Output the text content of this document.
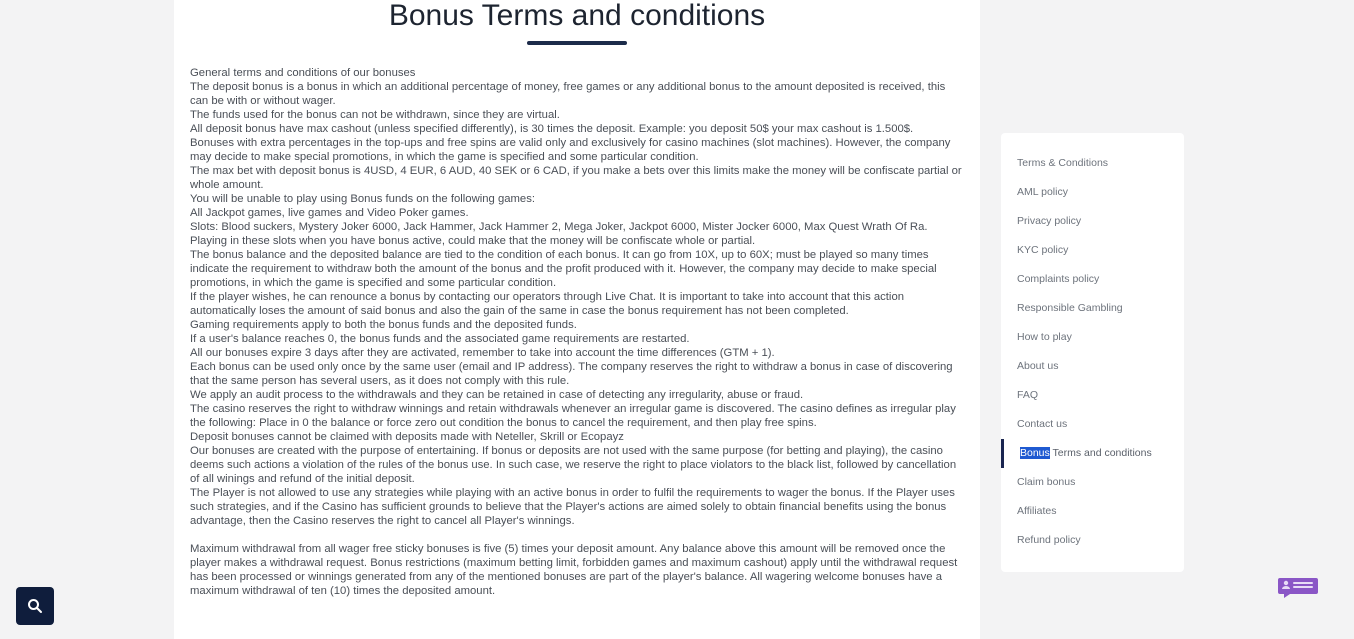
Bonus Terms and conditions

General terms and conditions of our bonuses

The deposit bonus is a bonus in which an additional percentage of money, free games or any additional bonus to the amount deposited is received, this can be with or without wager.

The funds used for the bonus can not be withdrawn, since they are virtual.

All deposit bonus have max cashout (unless specified differently), is 30 times the deposit. Example: you deposit 50$ your max cashout is 1.500$.

Bonuses with extra percentages in the top-ups and free spins are valid only and exclusively for casino machines (slot machines). However, the company may decide to make special promotions, in which the game is specified and some particular condition.

The max bet with deposit bonus is 4USD, 4 EUR, 6 AUD, 40 SEK or 6 CAD, if you make a bets over this limits make the money will be confiscate partial or whole amount.

You will be unable to play using Bonus funds on the following games:

All Jackpot games, live games and Video Poker games.

Slots: Blood suckers, Mystery Joker 6000, Jack Hammer, Jack Hammer 2, Mega Joker, Jackpot 6000, Mister Jocker 6000, Max Quest Wrath Of Ra. Playing in these slots when you have bonus active, could make that the money will be confiscate whole or partial.

The bonus balance and the deposited balance are tied to the condition of each bonus. It can go from 10X, up to 60X; must be played so many times indicate the requirement to withdraw both the amount of the bonus and the profit produced with it. However, the company may decide to make special promotions, in which the game is specified and some particular condition.

If the player wishes, he can renounce a bonus by contacting our operators through Live Chat. It is important to take into account that this action automatically loses the amount of said bonus and also the gain of the same in case the bonus requirement has not been completed.

Gaming requirements apply to both the bonus funds and the deposited funds.

If a user's balance reaches 0, the bonus funds and the associated game requirements are restarted.

All our bonuses expire 3 days after they are activated, remember to take into account the time differences (GTM + 1).

Each bonus can be used only once by the same user (email and IP address). The company reserves the right to withdraw a bonus in case of discovering that the same person has several users, as it does not comply with this rule.

We apply an audit process to the withdrawals and they can be retained in case of detecting any irregularity, abuse or fraud.

The casino reserves the right to withdraw winnings and retain withdrawals whenever an irregular game is discovered. The casino defines as irregular play the following: Place in 0 the balance or force zero out condition the bonus to cancel the requirement, and then play free spins.

Deposit bonuses cannot be claimed with deposits made with Neteller, Skrill or Ecopayz

Our bonuses are created with the purpose of entertaining. If bonus or deposits are not used with the same purpose (for betting and playing), the casino deems such actions a violation of the rules of the bonus use. In such case, we reserve the right to place violators to the black list, followed by cancellation of all winings and refund of the initial deposit.

The Player is not allowed to use any strategies while playing with an active bonus in order to fulfil the requirements to wager the bonus. If the Player uses such strategies, and if the Casino has sufficient grounds to believe that the Player's actions are aimed solely to obtain financial benefits using the bonus advantage, then the Casino reserves the right to cancel all Player's winnings.

Maximum withdrawal from all wager free sticky bonuses is five (5) times your deposit amount. Any balance above this amount will be removed once the player makes a withdrawal request. Bonus restrictions (maximum betting limit, forbidden games and maximum cashout) apply until the withdrawal request has been processed or winnings generated from any of the mentioned bonuses are part of the player's balance. All wagering welcome bonuses have a maximum withdrawal of ten (10) times the deposited amount.

Terms & Conditions
AML policy
Privacy policy
KYC policy
Complaints policy
Responsible Gambling
How to play
About us
FAQ
Contact us
Bonus Terms and conditions
Claim bonus
Affiliates
Refund policy
